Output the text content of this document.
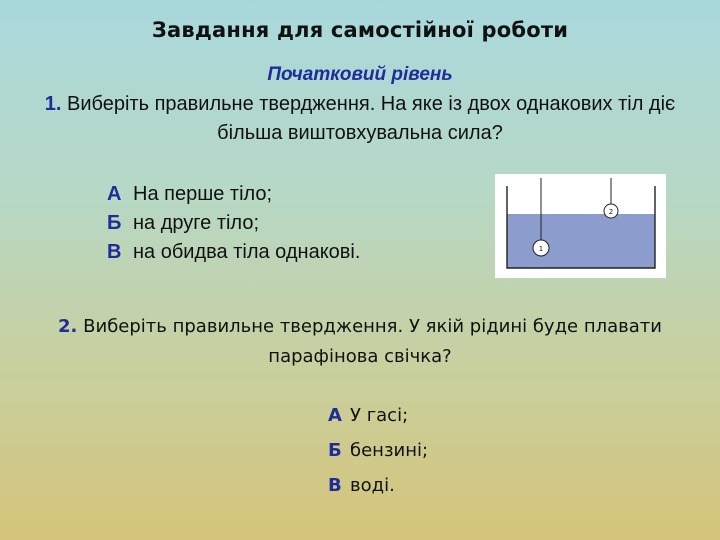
Завдання для самостійної роботи
Початковий рівень
1. Виберіть правильне твердження. На яке із двох однакових тіл діє більша виштовхувальна сила?
А На перше тіло;
Б на друге тіло;
В на обидва тіла однакові.	1
2
2. Виберіть правильне твердження. У якій рідині буде плавати парафінова свічка?
А У гасі;
Б бензині;
В воді.
